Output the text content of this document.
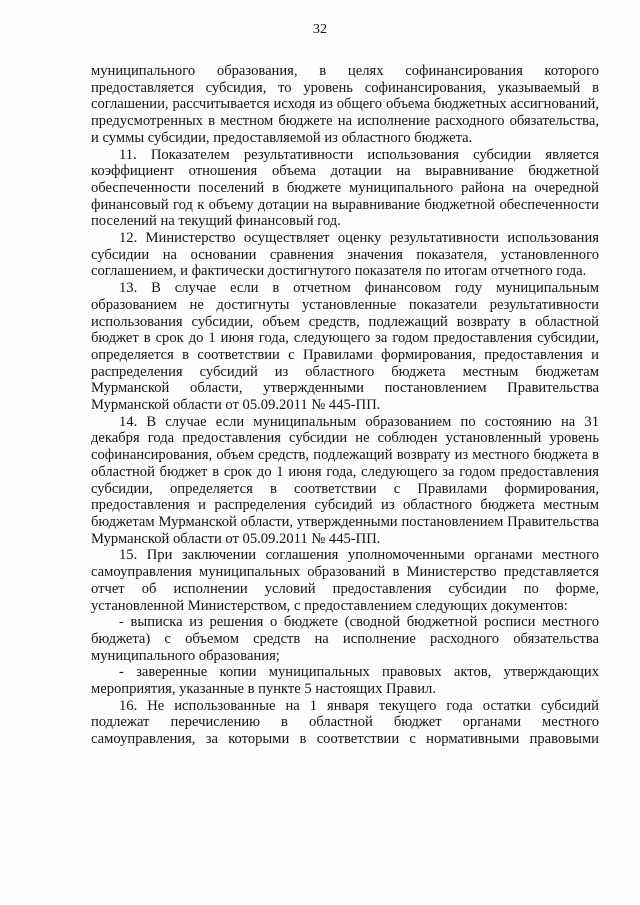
32

муниципального образования, в целях софинансирования которого предоставляется субсидия, то уровень софинансирования, указываемый в соглашении, рассчитывается исходя из общего объема бюджетных ассигнований, предусмотренных в местном бюджете на исполнение расходного обязательства, и суммы субсидии, предоставляемой из областного бюджета.

11. Показателем результативности использования субсидии является коэффициент отношения объема дотации на выравнивание бюджетной обеспеченности поселений в бюджете муниципального района на очередной финансовый год к объему дотации на выравнивание бюджетной обеспеченности поселений на текущий финансовый год.

12. Министерство осуществляет оценку результативности использования субсидии на основании сравнения значения показателя, установленного соглашением, и фактически достигнутого показателя по итогам отчетного года.

13. В случае если в отчетном финансовом году муниципальным образованием не достигнуты установленные показатели результативности использования субсидии, объем средств, подлежащий возврату в областной бюджет в срок до 1 июня года, следующего за годом предоставления субсидии, определяется в соответствии с Правилами формирования, предоставления и распределения субсидий из областного бюджета местным бюджетам Мурманской области, утвержденными постановлением Правительства Мурманской области от 05.09.2011 № 445-ПП.

14. В случае если муниципальным образованием по состоянию на 31 декабря года предоставления субсидии не соблюден установленный уровень софинансирования, объем средств, подлежащий возврату из местного бюджета в областной бюджет в срок до 1 июня года, следующего за годом предоставления субсидии, определяется в соответствии с Правилами формирования, предоставления и распределения субсидий из областного бюджета местным бюджетам Мурманской области, утвержденными постановлением Правительства Мурманской области от 05.09.2011 № 445-ПП.

15. При заключении соглашения уполномоченными органами местного самоуправления муниципальных образований в Министерство представляется отчет об исполнении условий предоставления субсидии по форме, установленной Министерством, с предоставлением следующих документов:

- выписка из решения о бюджете (сводной бюджетной росписи местного бюджета) с объемом средств на исполнение расходного обязательства муниципального образования;

- заверенные копии муниципальных правовых актов, утверждающих мероприятия, указанные в пункте 5 настоящих Правил.

16. Не использованные на 1 января текущего года остатки субсидий подлежат перечислению в областной бюджет органами местного самоуправления, за которыми в соответствии с нормативными правовыми
